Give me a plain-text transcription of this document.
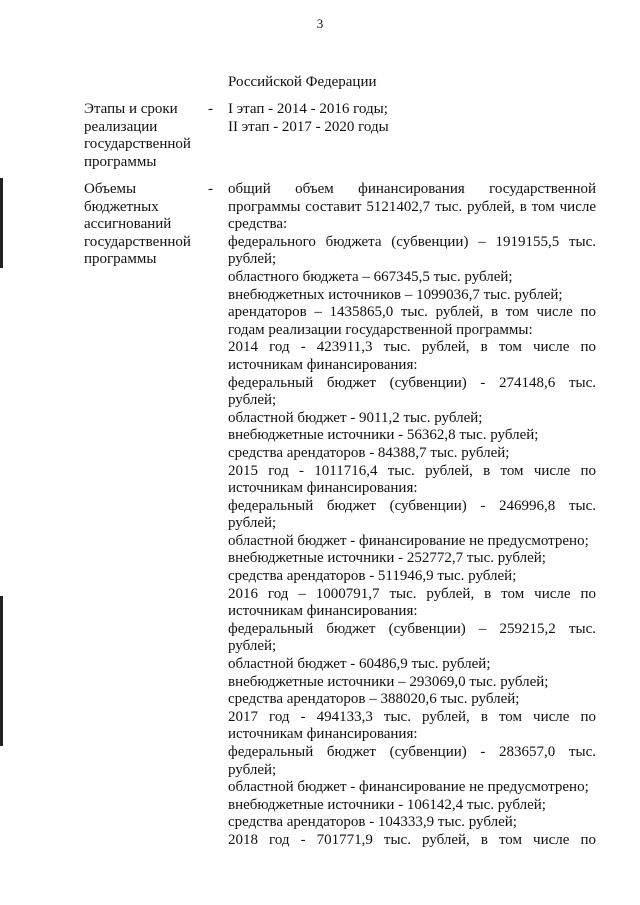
3
Российской Федерации
Этапы и сроки
реализации
государственной
программы
- I этап - 2014 - 2016 годы;
II этап - 2017 - 2020 годы
Объемы
бюджетных
ассигнований
государственной
программы
- общий объем финансирования государственной
программы составит 5121402,7 тыс. рублей, в том числе
средства:
федерального бюджета (субвенции) – 1919155,5 тыс.
рублей;
областного бюджета – 667345,5 тыс. рублей;
внебюджетных источников – 1099036,7 тыс. рублей;
арендаторов – 1435865,0 тыс. рублей, в том числе по
годам реализации государственной программы:
2014 год - 423911,3 тыс. рублей, в том числе по
источникам финансирования:
федеральный бюджет (субвенции) - 274148,6 тыс.
рублей;
областной бюджет - 9011,2 тыс. рублей;
внебюджетные источники - 56362,8 тыс. рублей;
средства арендаторов - 84388,7 тыс. рублей;
2015 год - 1011716,4 тыс. рублей, в том числе по
источникам финансирования:
федеральный бюджет (субвенции) - 246996,8 тыс.
рублей;
областной бюджет - финансирование не предусмотрено;
внебюджетные источники - 252772,7 тыс. рублей;
средства арендаторов - 511946,9 тыс. рублей;
2016 год – 1000791,7 тыс. рублей, в том числе по
источникам финансирования:
федеральный бюджет (субвенции) – 259215,2 тыс.
рублей;
областной бюджет - 60486,9 тыс. рублей;
внебюджетные источники – 293069,0 тыс. рублей;
средства арендаторов – 388020,6 тыс. рублей;
2017 год - 494133,3 тыс. рублей, в том числе по
источникам финансирования:
федеральный бюджет (субвенции) - 283657,0 тыс.
рублей;
областной бюджет - финансирование не предусмотрено;
внебюджетные источники - 106142,4 тыс. рублей;
средства арендаторов - 104333,9 тыс. рублей;
2018 год - 701771,9 тыс. рублей, в том числе по
